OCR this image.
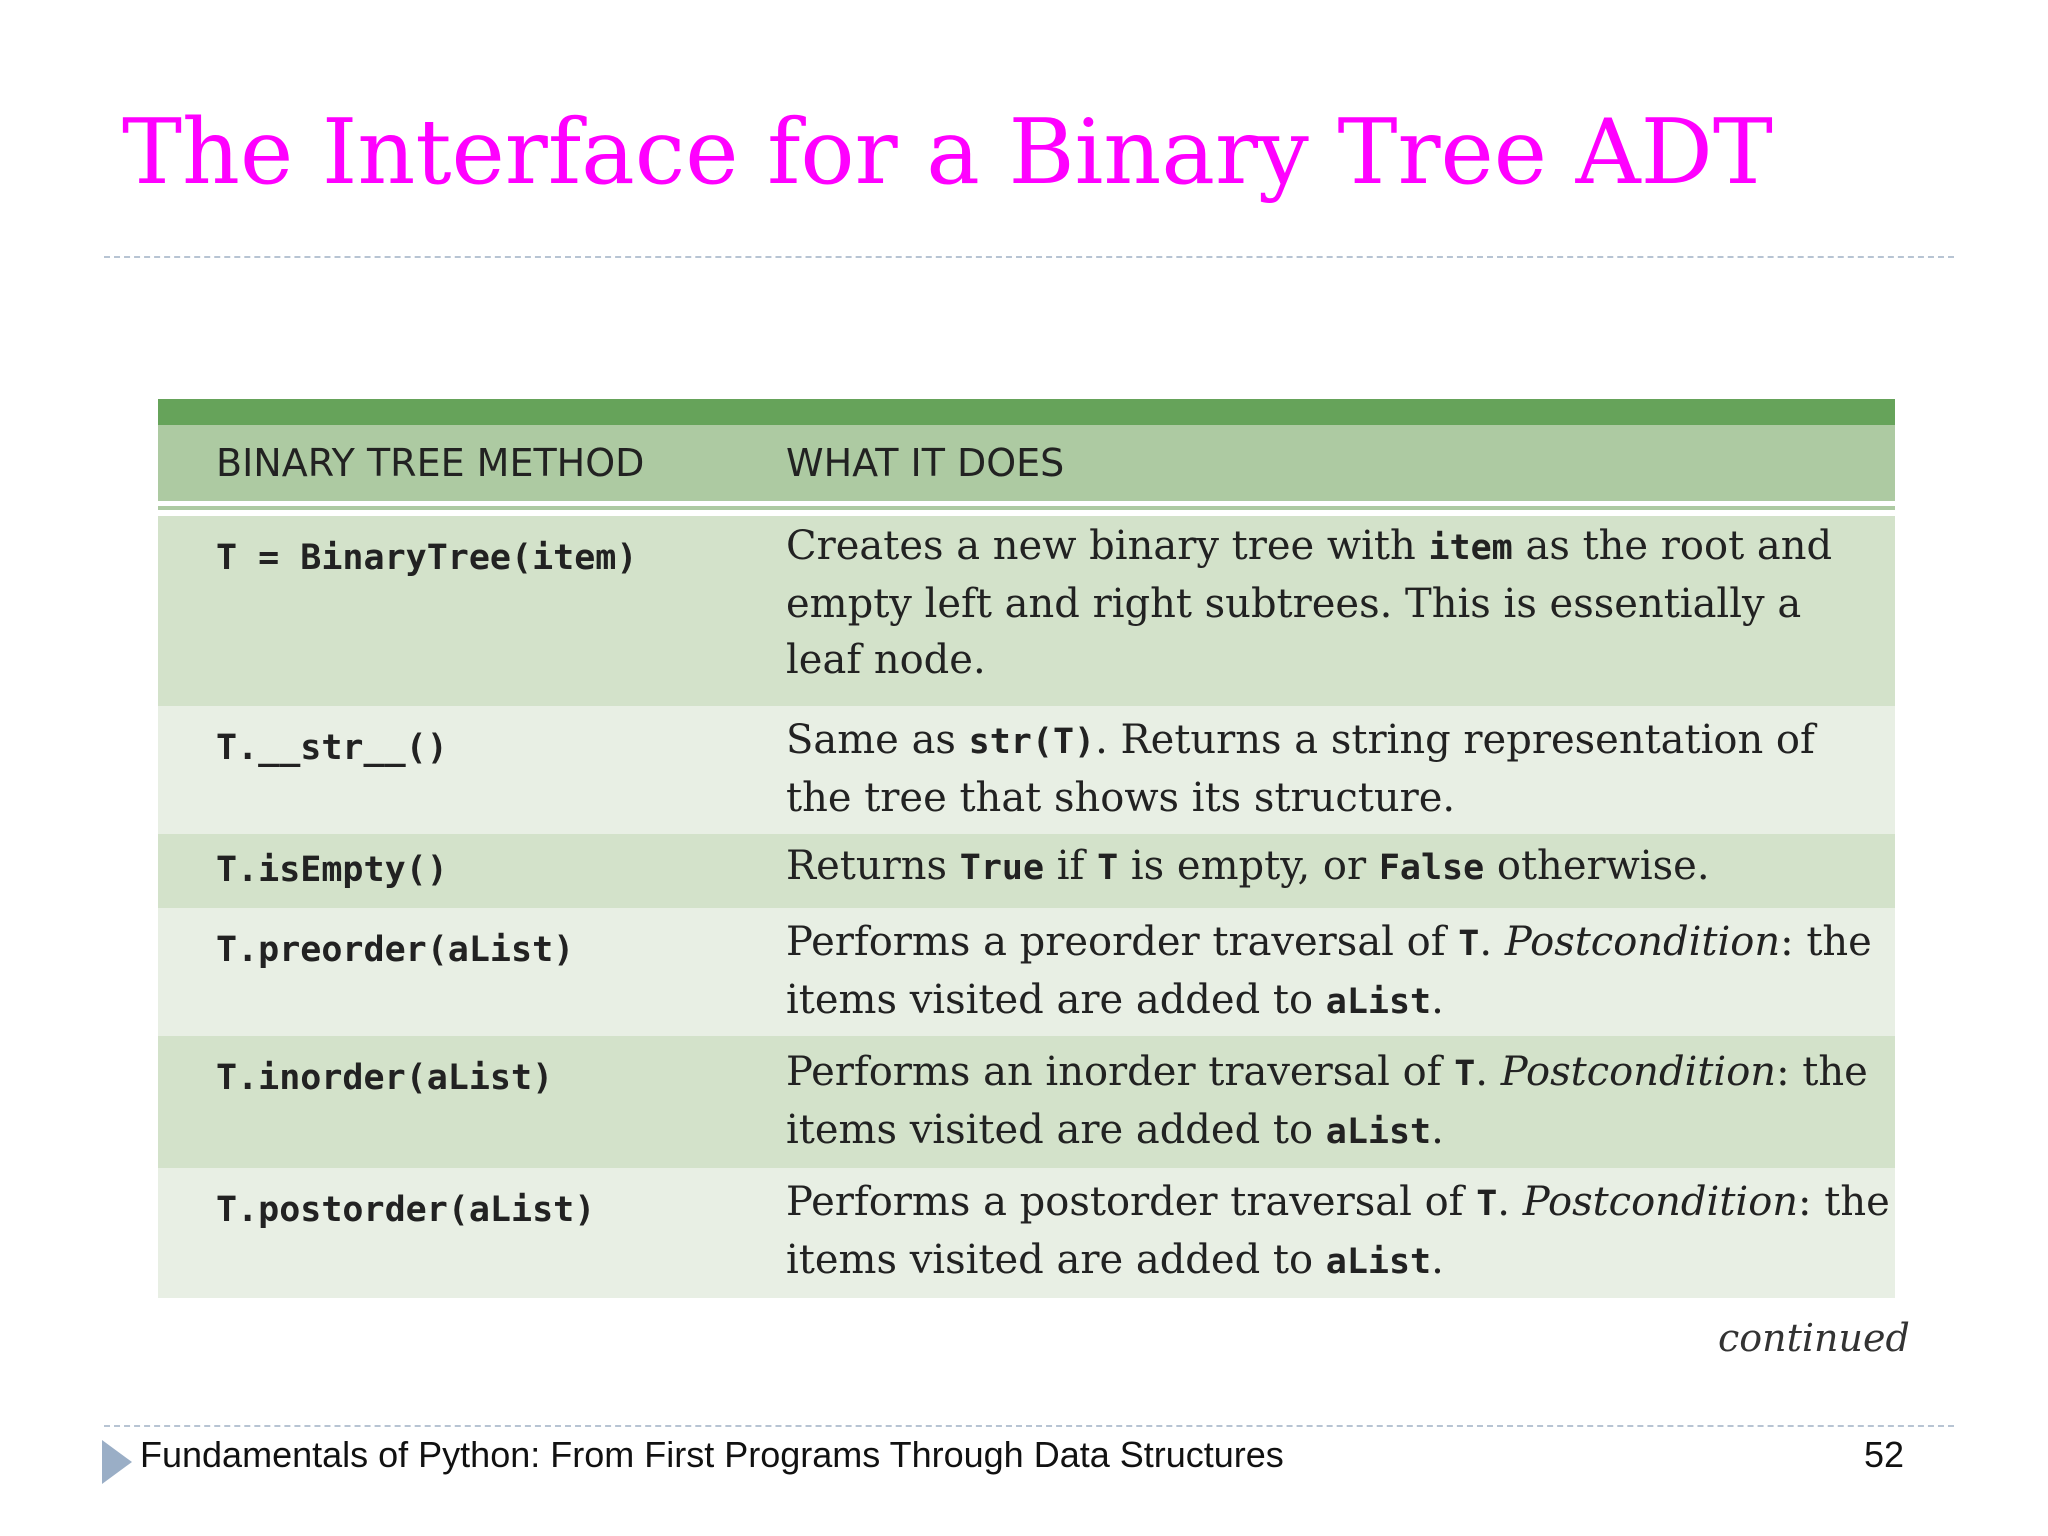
The Interface for a Binary Tree ADT
BINARY TREE METHOD	WHAT IT DOES
T = BinaryTree(item)	Creates a new binary tree with item as the root and
empty left and right subtrees. This is essentially a
leaf node.
T.__str__()	Same as str(T). Returns a string representation of
the tree that shows its structure.
T.isEmpty()	Returns True if T is empty, or False otherwise.
T.preorder(aList)	Performs a preorder traversal of T. Postcondition: the
items visited are added to aList.
T.inorder(aList)	Performs an inorder traversal of T. Postcondition: the
items visited are added to aList.
T.postorder(aList)	Performs a postorder traversal of T. Postcondition: the
items visited are added to aList.
continued
Fundamentals of Python: From First Programs Through Data Structures	52
